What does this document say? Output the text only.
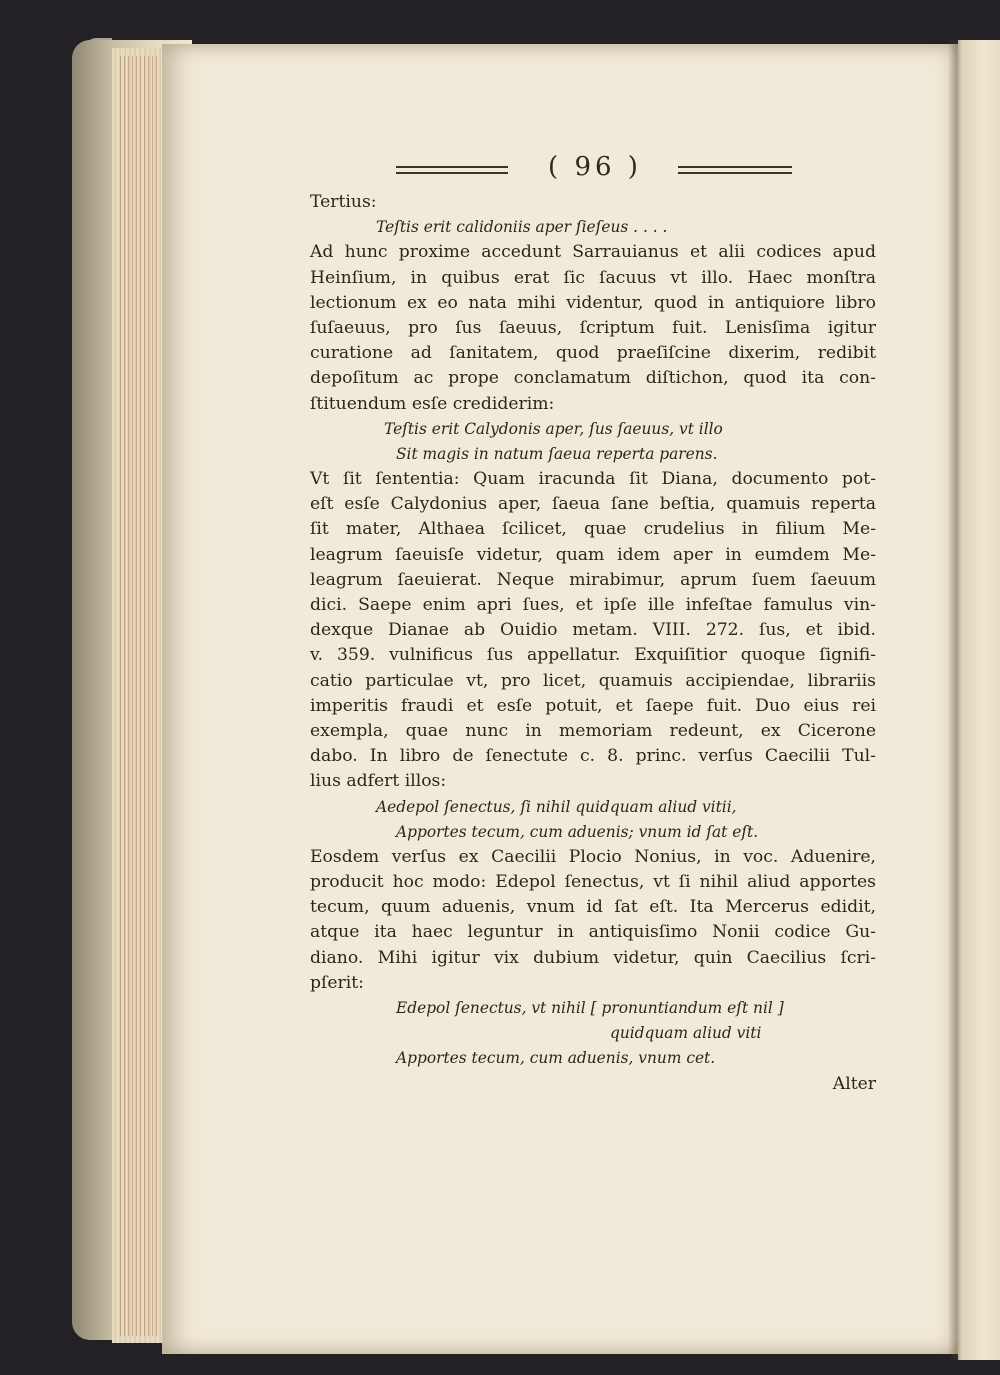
( 96 )
Tertius:
Teſtis erit calidoniis aper ſieſeus . . . .
Ad hunc proxime accedunt Sarrauianus et alii codices apud
Heinſium, in quibus erat ſic ſacuus vt illo. Haec monſtra
lectionum ex eo nata mihi videntur, quod in antiquiore libro
ſuſaeuus, pro ſus ſaeuus, ſcriptum fuit. Lenisſima igitur
curatione ad ſanitatem, quod praeſiſcine dixerim, redibit
depoſitum ac prope conclamatum diſtichon, quod ita con-
ſtituendum esſe crediderim:
Teſtis erit Calydonis aper, ſus ſaeuus, vt illo
Sit magis in natum ſaeua reperta parens.
Vt ſit ſententia: Quam iracunda ſit Diana, documento pot-
eſt esſe Calydonius aper, ſaeua ſane beſtia, quamuis reperta
ſit mater, Althaea ſcilicet, quae crudelius in filium Me-
leagrum ſaeuisſe videtur, quam idem aper in eumdem Me-
leagrum ſaeuierat. Neque mirabimur, aprum ſuem ſaeuum
dici. Saepe enim apri ſues, et ipſe ille infeſtae famulus vin-
dexque Dianae ab Ouidio metam. VIII. 272. ſus, et ibid.
v. 359. vulnificus ſus appellatur. Exquiſitior quoque ſignifi-
catio particulae vt, pro licet, quamuis accipiendae, librariis
imperitis fraudi et esſe potuit, et ſaepe fuit. Duo eius rei
exempla, quae nunc in memoriam redeunt, ex Cicerone
dabo. In libro de ſenectute c. 8. princ. verſus Caecilii Tul-
lius adfert illos:
Aedepol ſenectus, ſi nihil quidquam aliud vitii,
Apportes tecum, cum aduenis; vnum id ſat eſt.
Eosdem verſus ex Caecilii Plocio Nonius, in voc. Aduenire,
producit hoc modo: Edepol ſenectus, vt ſi nihil aliud apportes
tecum, quum aduenis, vnum id ſat eſt. Ita Mercerus edidit,
atque ita haec leguntur in antiquisſimo Nonii codice Gu-
diano. Mihi igitur vix dubium videtur, quin Caecilius ſcri-
pſerit:
Edepol ſenectus, vt nihil [ pronuntiandum eſt nil ]
quidquam aliud viti
Apportes tecum, cum aduenis, vnum cet.
Alter
